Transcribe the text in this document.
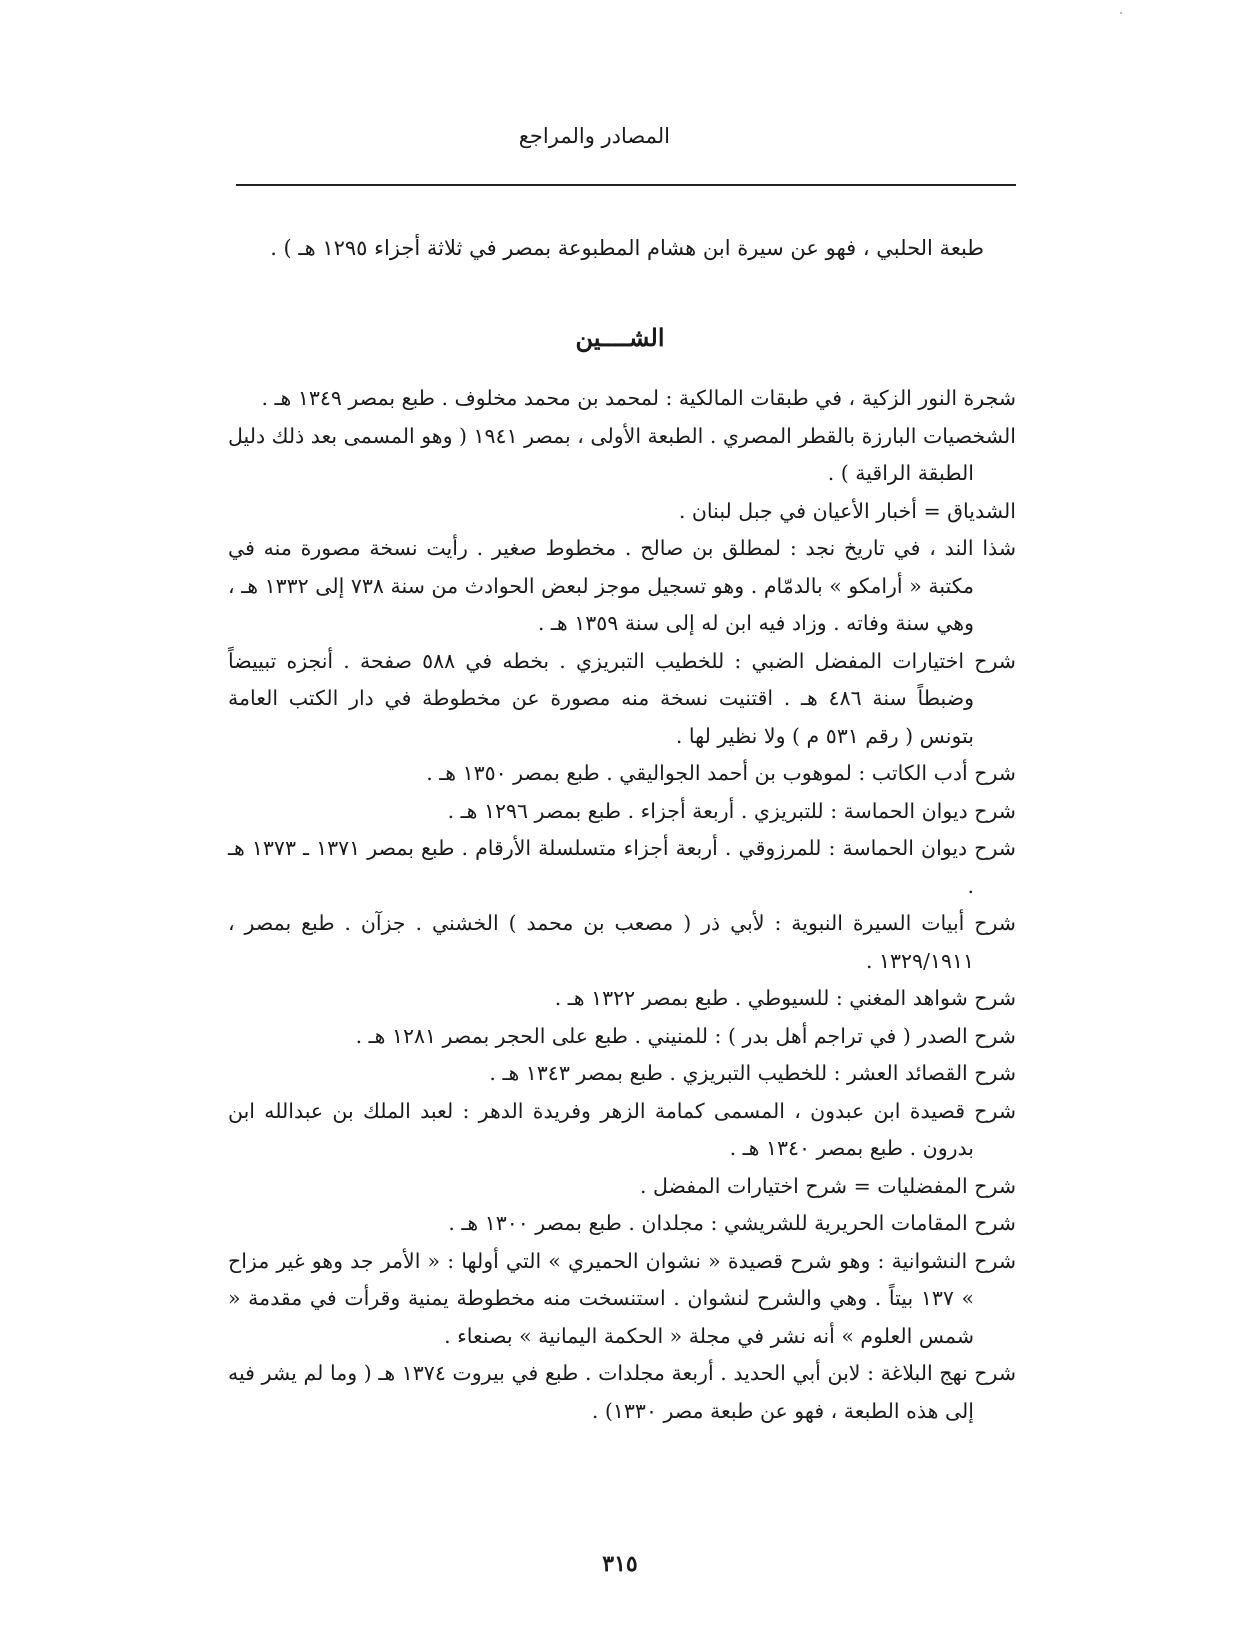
المصادر والمراجع
طبعة الحلبي ، فهو عن سيرة ابن هشام المطبوعة بمصر في ثلاثة أجزاء ١٢٩٥ هـ ) .
الشــــين

شجرة النور الزكية ، في طبقات المالكية : لمحمد بن محمد مخلوف . طبع بمصر ١٣٤٩ هـ .

الشخصيات البارزة بالقطر المصري . الطبعة الأولى ، بمصر ١٩٤١ ( وهو المسمى بعد ذلك دليل الطبقة الراقية ) .

الشدياق = أخبار الأعيان في جبل لبنان .

شذا الند ، في تاريخ نجد : لمطلق بن صالح . مخطوط صغير . رأيت نسخة مصورة منه في مكتبة « أرامكو » بالدمّام . وهو تسجيل موجز لبعض الحوادث من سنة ٧٣٨ إلى ١٣٣٢ هـ ، وهي سنة وفاته . وزاد فيه ابن له إلى سنة ١٣٥٩ هـ .

شرح اختيارات المفضل الضبي : للخطيب التبريزي . بخطه في ٥٨٨ صفحة . أنجزه تبييضاً وضبطاً سنة ٤٨٦ هـ . اقتنيت نسخة منه مصورة عن مخطوطة في دار الكتب العامة بتونس ( رقم ٥٣١ م ) ولا نظير لها .

شرح أدب الكاتب : لموهوب بن أحمد الجواليقي . طبع بمصر ١٣٥٠ هـ .

شرح ديوان الحماسة : للتبريزي . أربعة أجزاء . طبع بمصر ١٢٩٦ هـ .

شرح ديوان الحماسة : للمرزوقي . أربعة أجزاء متسلسلة الأرقام . طبع بمصر ١٣٧١ ـ ١٣٧٣ هـ .

شرح أبيات السيرة النبوية : لأبي ذر ( مصعب بن محمد ) الخشني . جزآن . طبع بمصر ، ١٣٢٩/١٩١١ .

شرح شواهد المغني : للسيوطي . طبع بمصر ١٣٢٢ هـ .

شرح الصدر ( في تراجم أهل بدر ) : للمنيني . طبع على الحجر بمصر ١٢٨١ هـ .

شرح القصائد العشر : للخطيب التبريزي . طبع بمصر ١٣٤٣ هـ .

شرح قصيدة ابن عبدون ، المسمى كمامة الزهر وفريدة الدهر : لعبد الملك بن عبدالله ابن بدرون . طبع بمصر ١٣٤٠ هـ .

شرح المفضليات = شرح اختيارات المفضل .

شرح المقامات الحريرية للشريشي : مجلدان . طبع بمصر ١٣٠٠ هـ .

شرح النشوانية : وهو شرح قصيدة « نشوان الحميري » التي أولها : « الأمر جد وهو غير مزاح » ١٣٧ بيتاً . وهي والشرح لنشوان . استنسخت منه مخطوطة يمنية وقرأت في مقدمة « شمس العلوم » أنه نشر في مجلة « الحكمة اليمانية » بصنعاء .

شرح نهج البلاغة : لابن أبي الحديد . أربعة مجلدات . طبع في بيروت ١٣٧٤ هـ ( وما لم يشر فيه إلى هذه الطبعة ، فهو عن طبعة مصر ١٣٣٠) .

٣١٥
